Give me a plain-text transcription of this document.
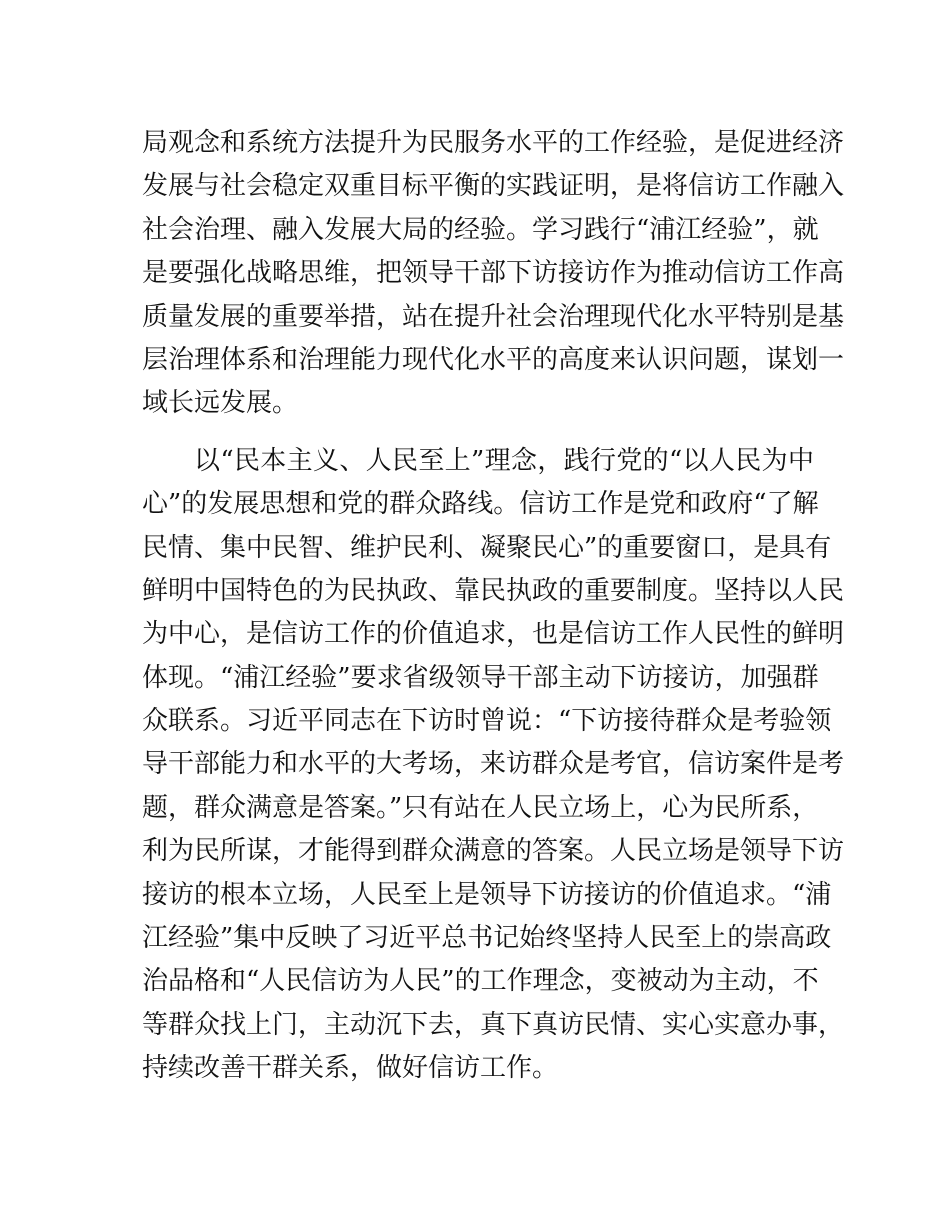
局观念和系统方法提升为民服务水平的工作经验，是促进经济
发展与社会稳定双重目标平衡的实践证明，是将信访工作融入
社会治理、融入发展大局的经验。学习践行“浦江经验”，就
是要强化战略思维，把领导干部下访接访作为推动信访工作高
质量发展的重要举措，站在提升社会治理现代化水平特别是基
层治理体系和治理能力现代化水平的高度来认识问题，谋划一
域长远发展。
以“民本主义、人民至上”理念，践行党的“以人民为中
心”的发展思想和党的群众路线。信访工作是党和政府“了解
民情、集中民智、维护民利、凝聚民心”的重要窗口，是具有
鲜明中国特色的为民执政、靠民执政的重要制度。坚持以人民
为中心，是信访工作的价值追求，也是信访工作人民性的鲜明
体现。“浦江经验”要求省级领导干部主动下访接访，加强群
众联系。习近平同志在下访时曾说：“下访接待群众是考验领
导干部能力和水平的大考场，来访群众是考官，信访案件是考
题，群众满意是答案。”只有站在人民立场上，心为民所系，
利为民所谋，才能得到群众满意的答案。人民立场是领导下访
接访的根本立场，人民至上是领导下访接访的价值追求。“浦
江经验”集中反映了习近平总书记始终坚持人民至上的崇高政
治品格和“人民信访为人民”的工作理念，变被动为主动，不
等群众找上门，主动沉下去，真下真访民情、实心实意办事，
持续改善干群关系，做好信访工作。
